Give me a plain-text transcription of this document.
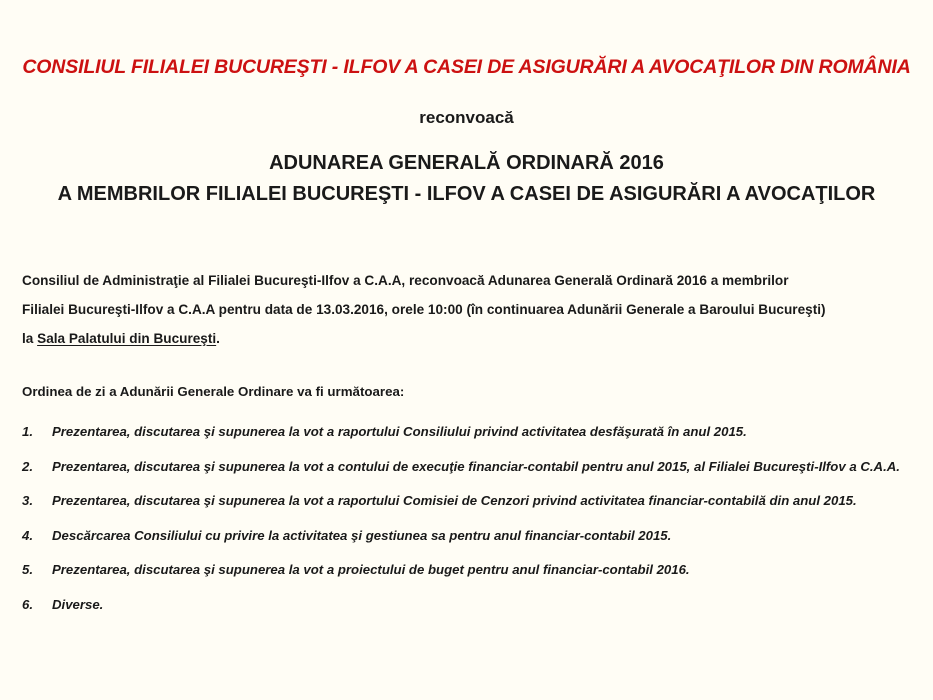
CONSILIUL FILIALEI BUCUREŞTI - ILFOV A CASEI DE ASIGURĂRI A AVOCAŢILOR DIN ROMÂNIA
reconvoacă
ADUNAREA GENERALĂ ORDINARĂ 2016
A MEMBRILOR FILIALEI BUCUREŞTI - ILFOV A CASEI DE ASIGURĂRI A AVOCAŢILOR
Consiliul de Administraţie al Filialei Bucureşti-Ilfov a C.A.A, reconvoacă Adunarea Generală Ordinară 2016 a membrilor
Filialei Bucureşti-Ilfov a C.A.A pentru data de 13.03.2016, orele 10:00 (în continuarea Adunării Generale a Baroului Bucureşti)
la Sala Palatului din Bucureşti.
Ordinea de zi a Adunării Generale Ordinare va fi următoarea:
1.	Prezentarea, discutarea şi supunerea la vot a raportului Consiliului privind activitatea desfăşurată în anul 2015.
2.	Prezentarea, discutarea şi supunerea la vot a contului de execuţie financiar-contabil pentru anul 2015, al Filialei Bucureşti-Ilfov a C.A.A.
3.	Prezentarea, discutarea şi supunerea la vot a raportului Comisiei de Cenzori privind activitatea financiar-contabilă din anul 2015.
4.	Descărcarea Consiliului cu privire la activitatea şi gestiunea sa pentru anul financiar-contabil 2015.
5.	Prezentarea, discutarea şi supunerea la vot a proiectului de buget pentru anul financiar-contabil 2016.
6.	Diverse.
